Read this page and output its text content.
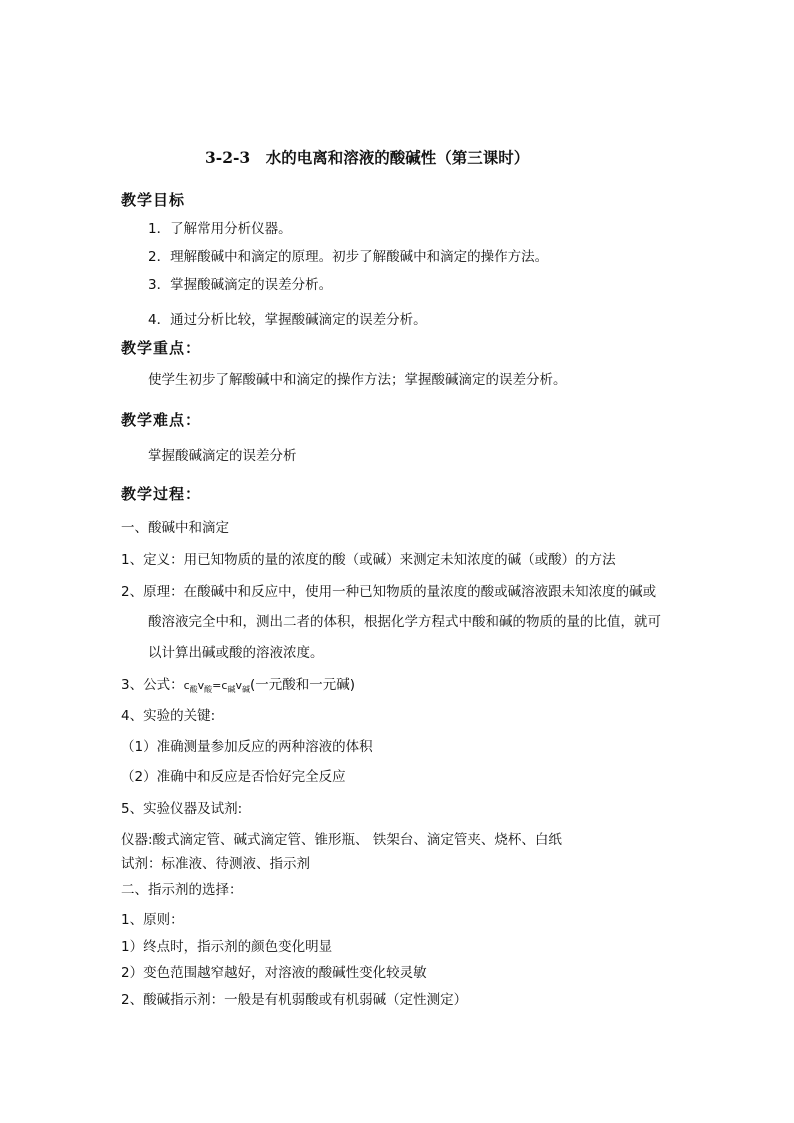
3-2-3　水的电离和溶液的酸碱性（第三课时）
教学目标
1．了解常用分析仪器。
2．理解酸碱中和滴定的原理。初步了解酸碱中和滴定的操作方法。
3．掌握酸碱滴定的误差分析。
4．通过分析比较，掌握酸碱滴定的误差分析。
教学重点：
使学生初步了解酸碱中和滴定的操作方法；掌握酸碱滴定的误差分析。
教学难点：
掌握酸碱滴定的误差分析
教学过程：
一、酸碱中和滴定
1、定义：用已知物质的量的浓度的酸（或碱）来测定未知浓度的碱（或酸）的方法
2、原理：在酸碱中和反应中，使用一种已知物质的量浓度的酸或碱溶液跟未知浓度的碱或
酸溶液完全中和，测出二者的体积，根据化学方程式中酸和碱的物质的量的比值，就可
以计算出碱或酸的溶液浓度。
3、公式：$c_酸v_酸=c_碱v_碱$(一元酸和一元碱)
4、实验的关键:
（1）准确测量参加反应的两种溶液的体积
（2）准确中和反应是否恰好完全反应
5、实验仪器及试剂:
仪器:酸式滴定管、碱式滴定管、锥形瓶、 铁架台、滴定管夹、烧杯、白纸
试剂：标准液、待测液、指示剂
二、指示剂的选择：
1、原则：
1）终点时，指示剂的颜色变化明显
2）变色范围越窄越好，对溶液的酸碱性变化较灵敏
2、酸碱指示剂：一般是有机弱酸或有机弱碱（定性测定）
